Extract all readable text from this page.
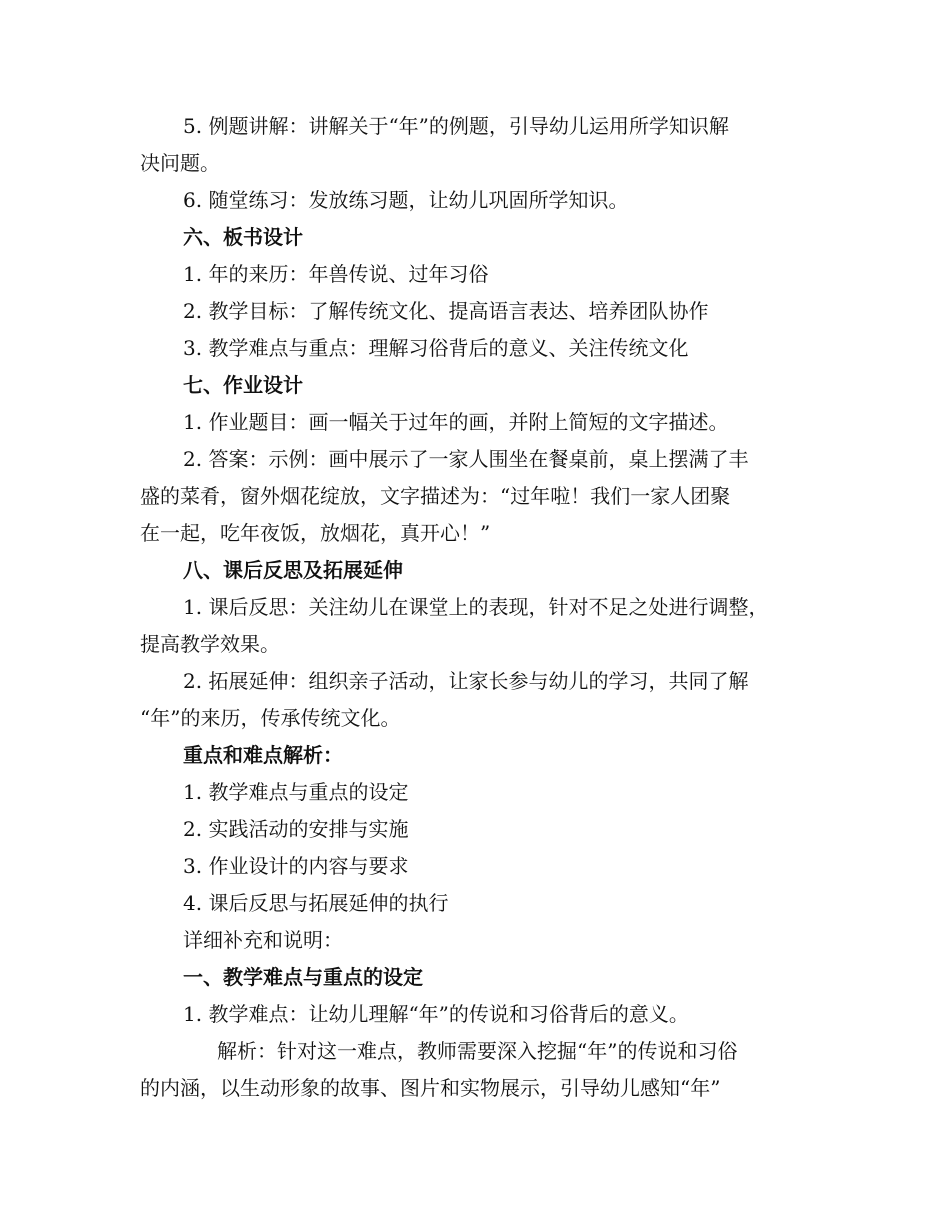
5. 例题讲解：讲解关于“年”的例题，引导幼儿运用所学知识解
决问题。
6. 随堂练习：发放练习题，让幼儿巩固所学知识。
六、板书设计
1. 年的来历：年兽传说、过年习俗
2. 教学目标：了解传统文化、提高语言表达、培养团队协作
3. 教学难点与重点：理解习俗背后的意义、关注传统文化
七、作业设计
1. 作业题目：画一幅关于过年的画，并附上简短的文字描述。
2. 答案：示例：画中展示了一家人围坐在餐桌前，桌上摆满了丰
盛的菜肴，窗外烟花绽放，文字描述为：“过年啦！我们一家人团聚
在一起，吃年夜饭，放烟花，真开心！”
八、课后反思及拓展延伸
1. 课后反思：关注幼儿在课堂上的表现，针对不足之处进行调整，
提高教学效果。
2. 拓展延伸：组织亲子活动，让家长参与幼儿的学习，共同了解
“年”的来历，传承传统文化。
重点和难点解析：
1. 教学难点与重点的设定
2. 实践活动的安排与实施
3. 作业设计的内容与要求
4. 课后反思与拓展延伸的执行
详细补充和说明：
一、教学难点与重点的设定
1. 教学难点：让幼儿理解“年”的传说和习俗背后的意义。
解析：针对这一难点，教师需要深入挖掘“年”的传说和习俗
的内涵，以生动形象的故事、图片和实物展示，引导幼儿感知“年”
